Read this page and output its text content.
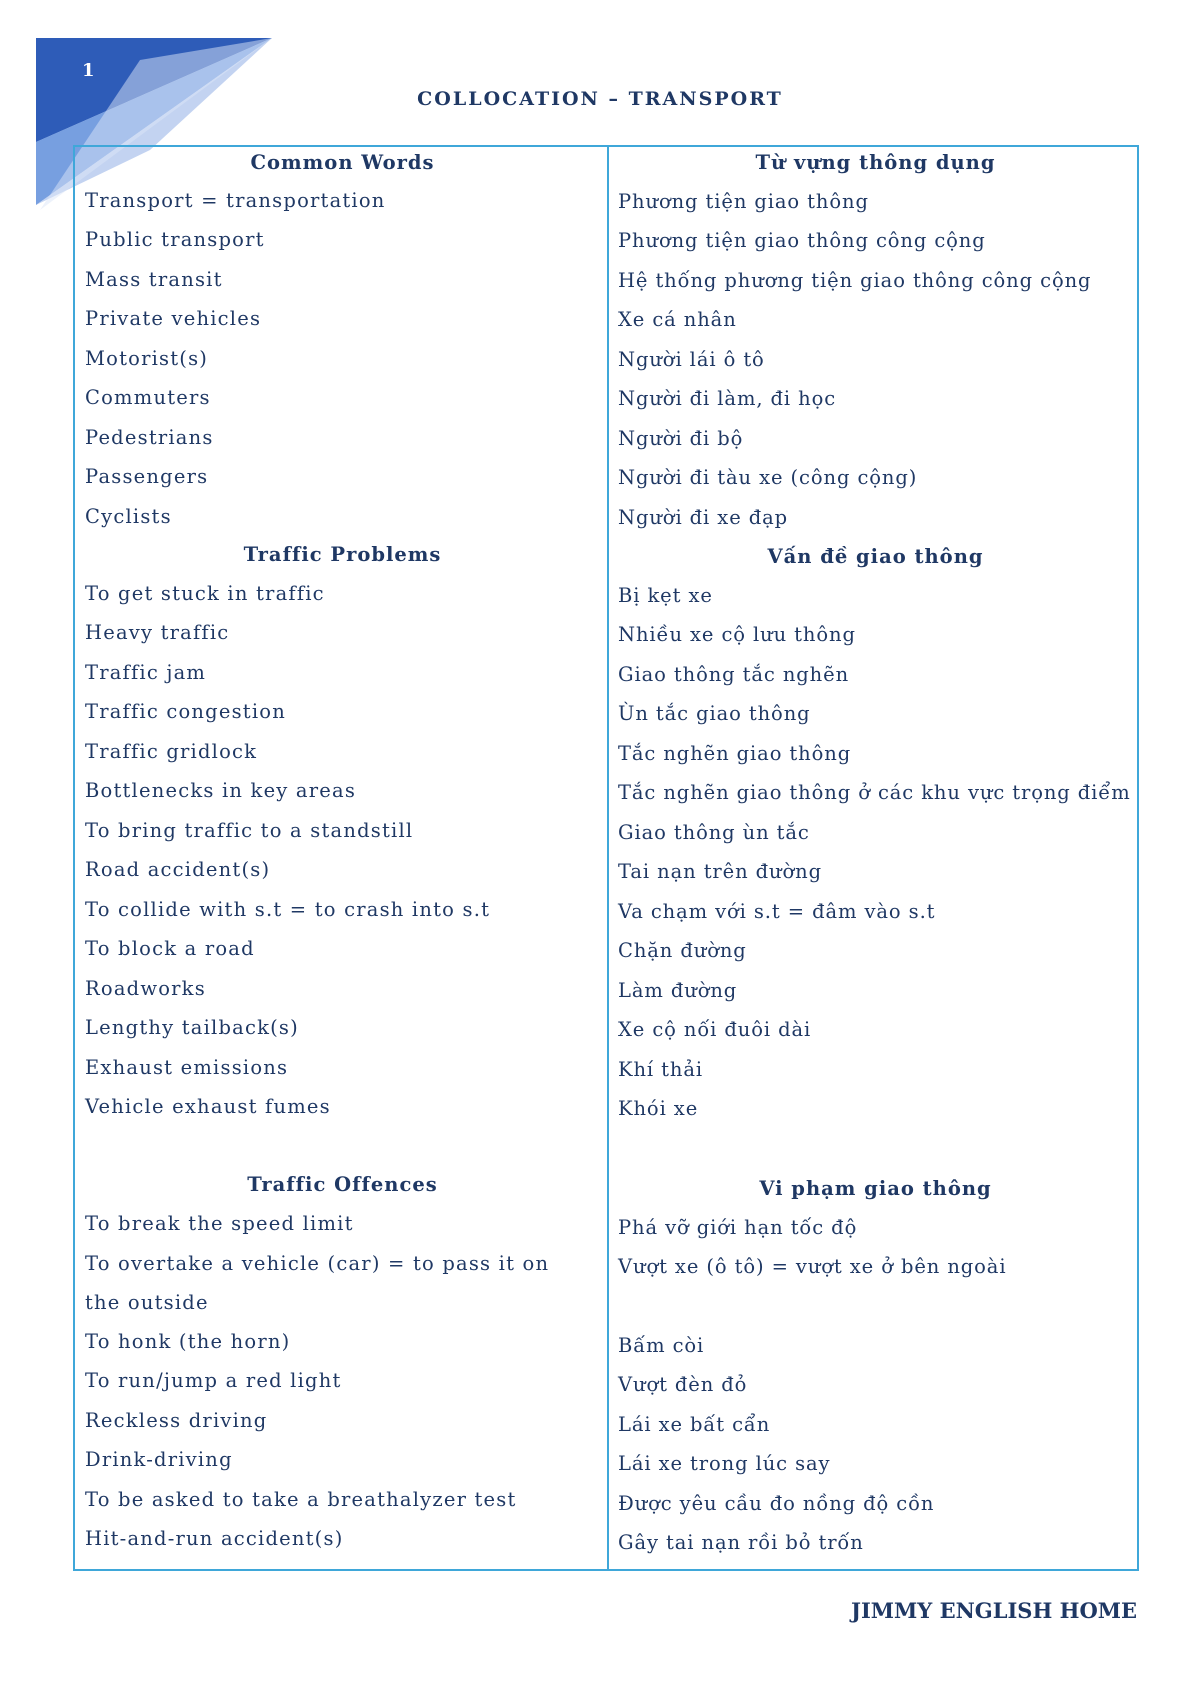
1
COLLOCATION – TRANSPORT
Common Words
Transport = transportation
Public transport
Mass transit
Private vehicles
Motorist(s)
Commuters
Pedestrians
Passengers
Cyclists
Traffic Problems
To get stuck in traffic
Heavy traffic
Traffic jam
Traffic congestion
Traffic gridlock
Bottlenecks in key areas
To bring traffic to a standstill
Road accident(s)
To collide with s.t = to crash into s.t
To block a road
Roadworks
Lengthy tailback(s)
Exhaust emissions
Vehicle exhaust fumes
Traffic Offences
To break the speed limit
To overtake a vehicle (car) = to pass it on the outside
To honk (the horn)
To run/jump a red light
Reckless driving
Drink-driving
To be asked to take a breathalyzer test
Hit-and-run accident(s)
Từ vựng thông dụng
Phương tiện giao thông
Phương tiện giao thông công cộng
Hệ thống phương tiện giao thông công cộng
Xe cá nhân
Người lái ô tô
Người đi làm, đi học
Người đi bộ
Người đi tàu xe (công cộng)
Người đi xe đạp
Vấn đề giao thông
Bị kẹt xe
Nhiều xe cộ lưu thông
Giao thông tắc nghẽn
Ùn tắc giao thông
Tắc nghẽn giao thông
Tắc nghẽn giao thông ở các khu vực trọng điểm
Giao thông ùn tắc
Tai nạn trên đường
Va chạm với s.t = đâm vào s.t
Chặn đường
Làm đường
Xe cộ nối đuôi dài
Khí thải
Khói xe
Vi phạm giao thông
Phá vỡ giới hạn tốc độ
Vượt xe (ô tô) = vượt xe ở bên ngoài
Bấm còi
Vượt đèn đỏ
Lái xe bất cẩn
Lái xe trong lúc say
Được yêu cầu đo nồng độ cồn
Gây tai nạn rồi bỏ trốn
JIMMY ENGLISH HOME
